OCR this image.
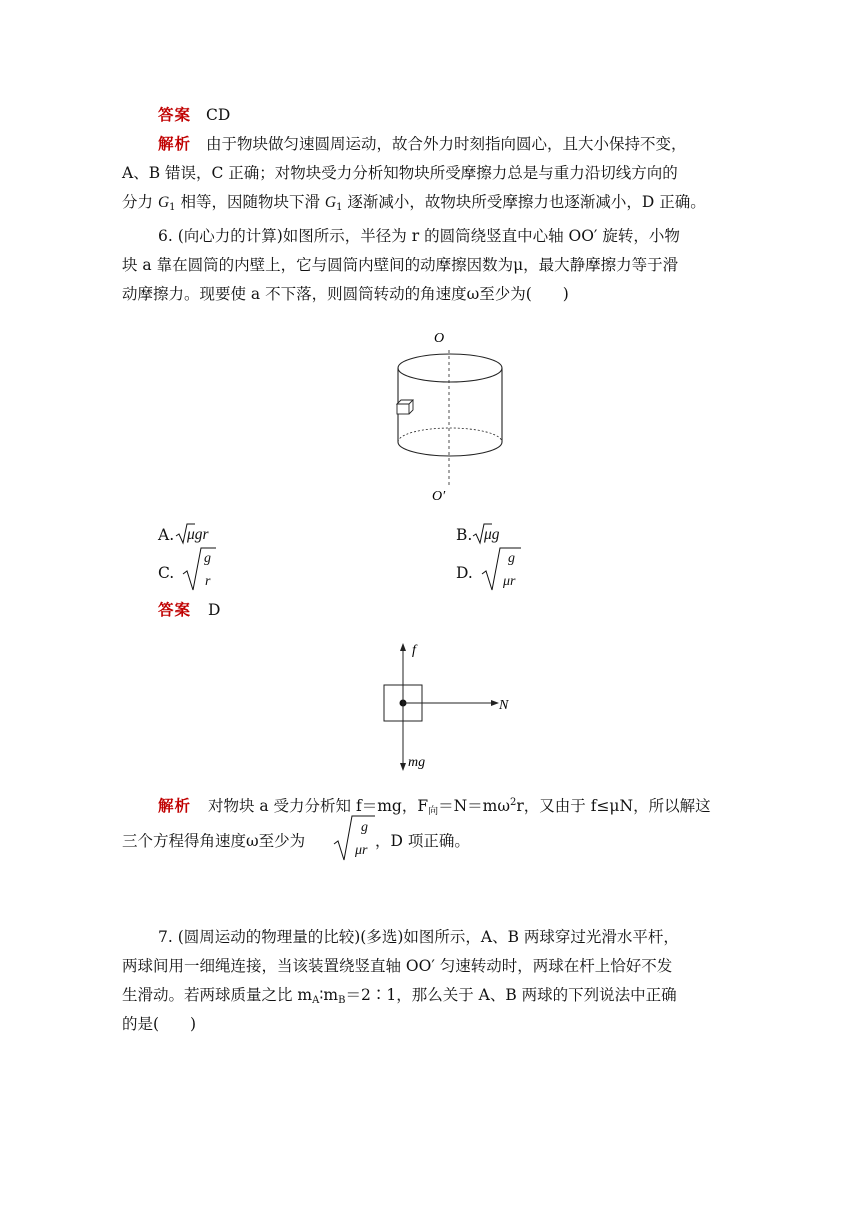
答案 CD
解析 由于物块做匀速圆周运动，故合外力时刻指向圆心，且大小保持不变，
A、B 错误，C 正确；对物块受力分析知物块所受摩擦力总是与重力沿切线方向的
分力 $G_1$ 相等，因随物块下滑 $G_1$ 逐渐减小，故物块所受摩擦力也逐渐减小，D 正确。
6. (向心力的计算)如图所示，半径为 r 的圆筒绕竖直中心轴 OO′ 旋转，小物
块 a 靠在圆筒的内壁上，它与圆筒内壁间的动摩擦因数为μ，最大静摩擦力等于滑
动摩擦力。现要使 a 不下落，则圆筒转动的角速度ω至少为(　　)
O
O′
A. μgr	B. μg
C.
g
r	D.
g
μr
答案 D
f
N
mg
解析 对物块 a 受力分析知 f＝mg，$F_向=N=m\omega^2r$，又由于 f≤μN，所以解这
三个方程得角速度ω至少为
g
μr
，D 项正确。
7. (圆周运动的物理量的比较)(多选)如图所示，A、B 两球穿过光滑水平杆，
两球间用一细绳连接，当该装置绕竖直轴 OO′ 匀速转动时，两球在杆上恰好不发
生滑动。若两球质量之比 $m_A∶m_B=2∶1$，那么关于 A、B 两球的下列说法中正确
的是(　　)
